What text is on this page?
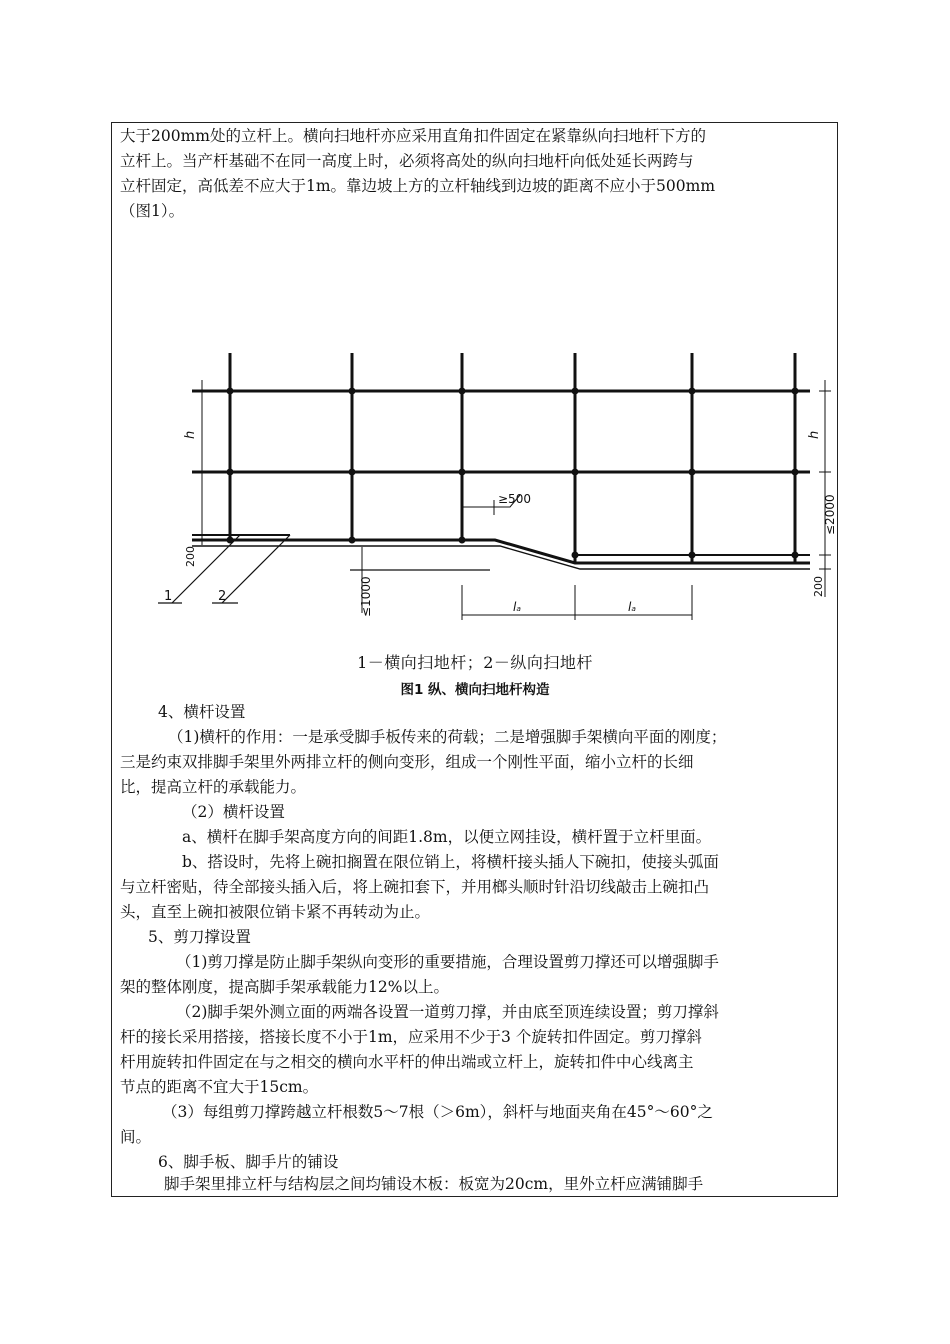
大于200mm处的立杆上。横向扫地杆亦应采用直角扣件固定在紧靠纵向扫地杆下方的

立杆上。当产杆基础不在同一高度上时，必须将高处的纵向扫地杆向低处延长两跨与

立杆固定，高低差不应大于1m。靠边坡上方的立杆轴线到边坡的距离不应小于500mm

（图1）。

h	h
200
200
≥500
≤1000
≤2000
lₐ	lₐ
1	2

1－横向扫地杆；2－纵向扫地杆

图1 纵、横向扫地杆构造

4、横杆设置

（1)横杆的作用：一是承受脚手板传来的荷载；二是增强脚手架横向平面的刚度；

三是约束双排脚手架里外两排立杆的侧向变形，组成一个刚性平面，缩小立杆的长细

比，提高立杆的承载能力。

（2）横杆设置

a、横杆在脚手架高度方向的间距1.8m，以便立网挂设，横杆置于立杆里面。

b、搭设时，先将上碗扣搁置在限位销上，将横杆接头插人下碗扣，使接头弧面

与立杆密贴，待全部接头插入后，将上碗扣套下，并用榔头顺时针沿切线敲击上碗扣凸

头，直至上碗扣被限位销卡紧不再转动为止。

5、剪刀撑设置

（1)剪刀撑是防止脚手架纵向变形的重要措施，合理设置剪刀撑还可以增强脚手

架的整体刚度，提高脚手架承载能力12%以上。

（2)脚手架外测立面的两端各设置一道剪刀撑，并由底至顶连续设置；剪刀撑斜

杆的接长采用搭接，搭接长度不小于1m，应采用不少于3 个旋转扣件固定。剪刀撑斜

杆用旋转扣件固定在与之相交的横向水平杆的伸出端或立杆上，旋转扣件中心线离主

节点的距离不宜大于15cm。

（3）每组剪刀撑跨越立杆根数5～7根（＞6m），斜杆与地面夹角在45°～60°之

间。

6、脚手板、脚手片的铺设

脚手架里排立杆与结构层之间均铺设木板：板宽为20cm，里外立杆应满铺脚手
